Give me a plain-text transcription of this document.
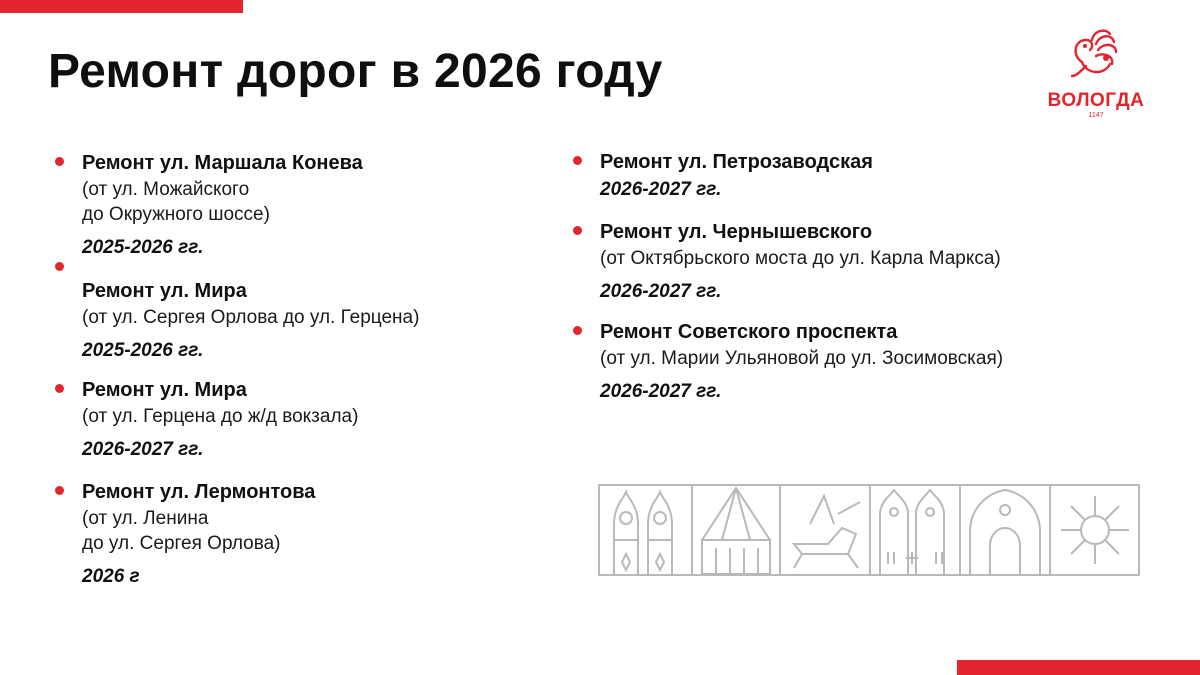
Ремонт дорог в 2026 году
ВОЛОГДА
1147
Ремонт ул. Маршала Конева
(от ул. Можайского
до Окружного шоссе)
2025-2026 гг.
Ремонт ул. Мира
(от ул. Сергея Орлова до ул. Герцена)
2025-2026 гг.
Ремонт ул. Мира
(от ул. Герцена до ж/д вокзала)
2026-2027 гг.
Ремонт ул. Лермонтова
(от ул. Ленина
до ул. Сергея Орлова)
2026 г
Ремонт ул. Петрозаводская
2026-2027 гг.
Ремонт ул. Чернышевского
(от Октябрьского моста до ул. Карла Маркса)
2026-2027 гг.
Ремонт Советского проспекта
(от ул. Марии Ульяновой до ул. Зосимовская)
2026-2027 гг.
